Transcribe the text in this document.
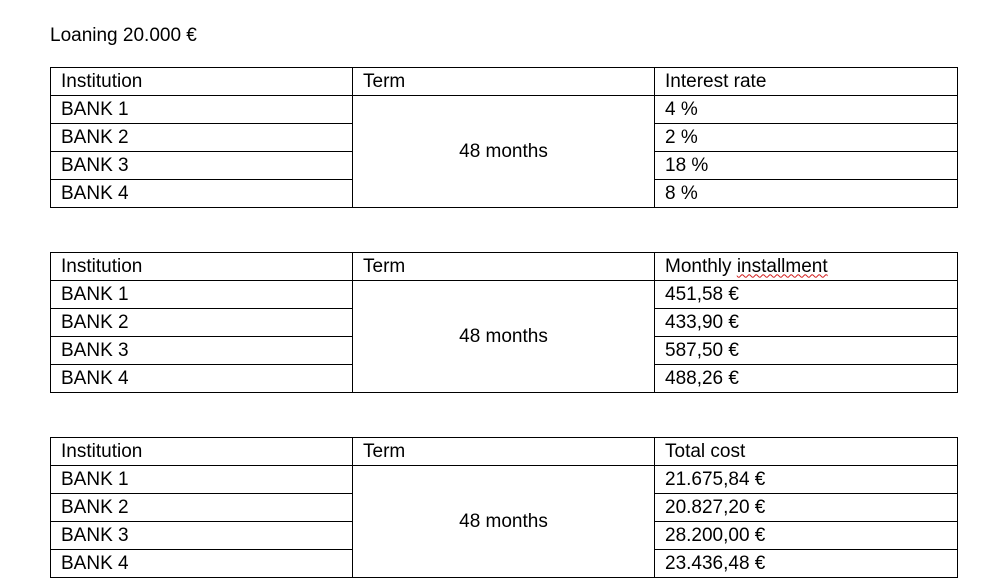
Loaning 20.000 €
Institution	Term	Interest rate
BANK 1	48 months	4 %
BANK 2		2 %
BANK 3		18 %
BANK 4		8 %
Institution	Term	Monthly installment
BANK 1	48 months	451,58 €
BANK 2		433,90 €
BANK 3		587,50 €
BANK 4		488,26 €
Institution	Term	Total cost
BANK 1	48 months	21.675,84 €
BANK 2		20.827,20 €
BANK 3		28.200,00 €
BANK 4		23.436,48 €
